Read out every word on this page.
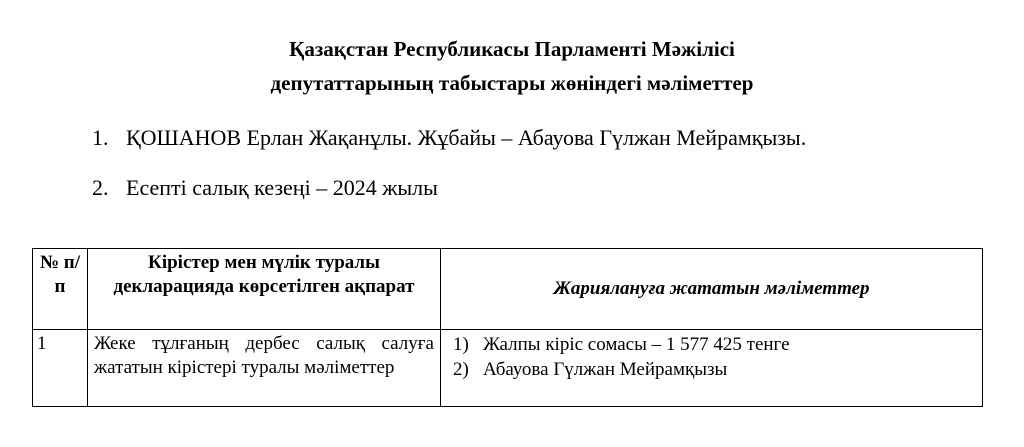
Қазақстан Республикасы Парламенті Мәжілісі
депутаттарының табыстары жөніндегі мәліметтер
1. ҚОШАНОВ Ерлан Жақанұлы. Жұбайы – Абауова Гүлжан Мейрамқызы.
2. Есепті салық кезеңі – 2024 жылы
№ п/п	Кірістер мен мүлік туралы декларацияда көрсетілген ақпарат	Жариялануға жататын мәліметтер
1	Жеке тұлғаның дербес салық салуға жататын кірістері туралы мәліметтер	1) Жалпы кіріс сомасы – 1 577 425 тенге
2) Абауова Гүлжан Мейрамқызы
